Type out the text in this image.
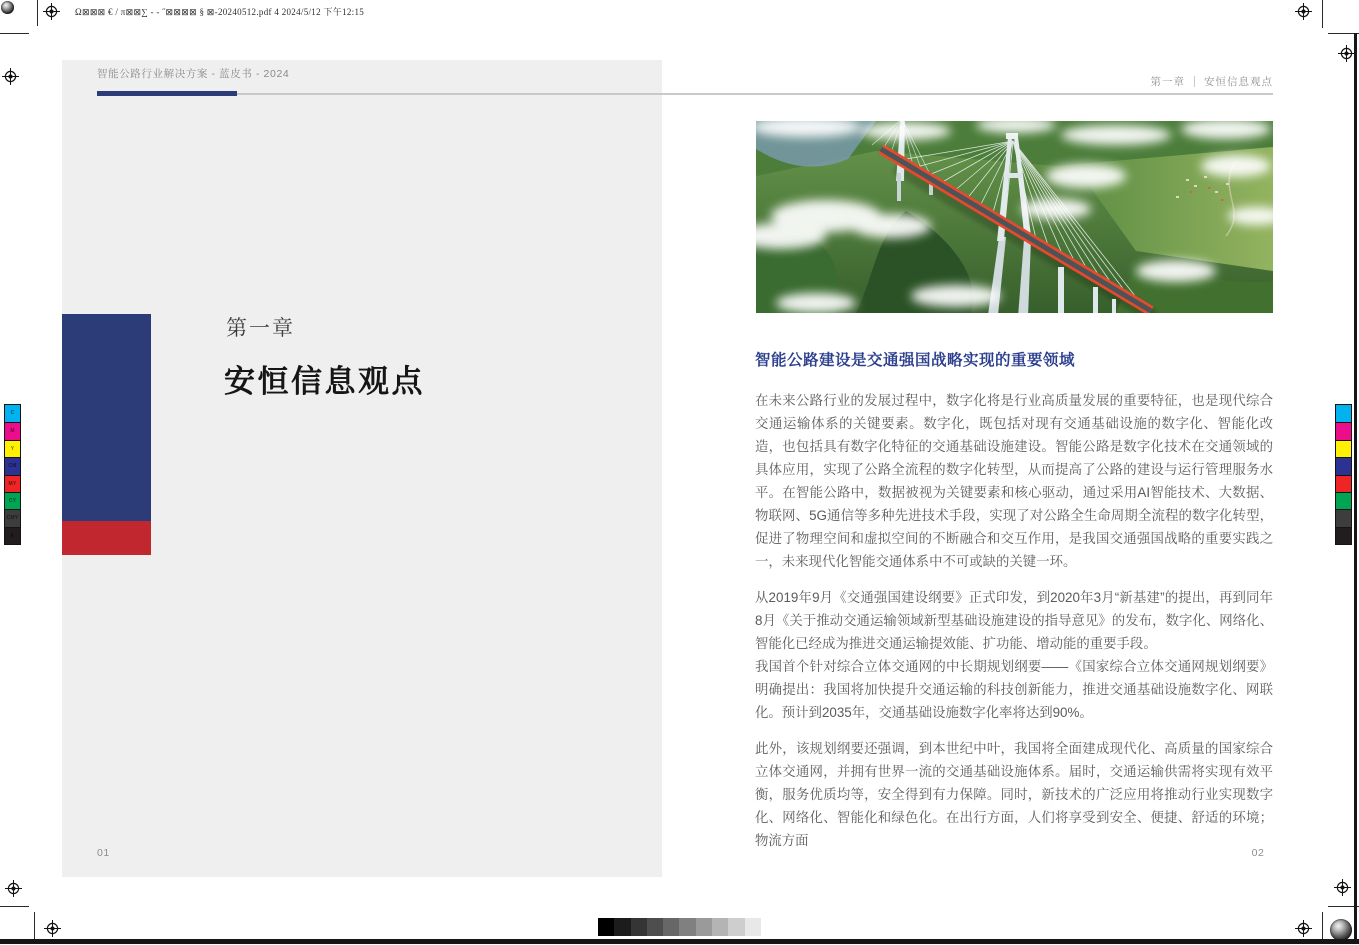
Ω⊠⊠⊠ € / π⊠⊠∑ - - ˝⊠⊠⊠⊠ § ⊠-20240512.pdf 4 2024/5/12 下午12:15
C
M
Y
CM
MY
CY
CMY
K
智能公路行业解决方案 - 蓝皮书 - 2024
第一章
安恒信息观点
01
第一章 安恒信息观点
智能公路建设是交通强国战略实现的重要领域

在未来公路行业的发展过程中，数字化将是行业高质量发展的重要特征，也是现代综合交通运输体系的关键要素。数字化，既包括对现有交通基础设施的数字化、智能化改造，也包括具有数字化特征的交通基础设施建设。智能公路是数字化技术在交通领域的具体应用，实现了公路全流程的数字化转型，从而提高了公路的建设与运行管理服务水平。在智能公路中，数据被视为关键要素和核心驱动，通过采用AI智能技术、大数据、物联网、5G通信等多种先进技术手段，实现了对公路全生命周期全流程的数字化转型，促进了物理空间和虚拟空间的不断融合和交互作用，是我国交通强国战略的重要实践之一，未来现代化智能交通体系中不可或缺的关键一环。

从2019年9月《交通强国建设纲要》正式印发，到2020年3月“新基建”的提出，再到同年8月《关于推动交通运输领域新型基础设施建设的指导意见》的发布，数字化、网络化、智能化已经成为推进交通运输提效能、扩功能、增动能的重要手段。

我国首个针对综合立体交通网的中长期规划纲要——《国家综合立体交通网规划纲要》明确提出：我国将加快提升交通运输的科技创新能力，推进交通基础设施数字化、网联化。预计到2035年，交通基础设施数字化率将达到90%。

此外，该规划纲要还强调，到本世纪中叶，我国将全面建成现代化、高质量的国家综合立体交通网，并拥有世界一流的交通基础设施体系。届时，交通运输供需将实现有效平衡，服务优质均等，安全得到有力保障。同时，新技术的广泛应用将推动行业实现数字化、网络化、智能化和绿色化。在出行方面，人们将享受到安全、便捷、舒适的环境；物流方面

02
